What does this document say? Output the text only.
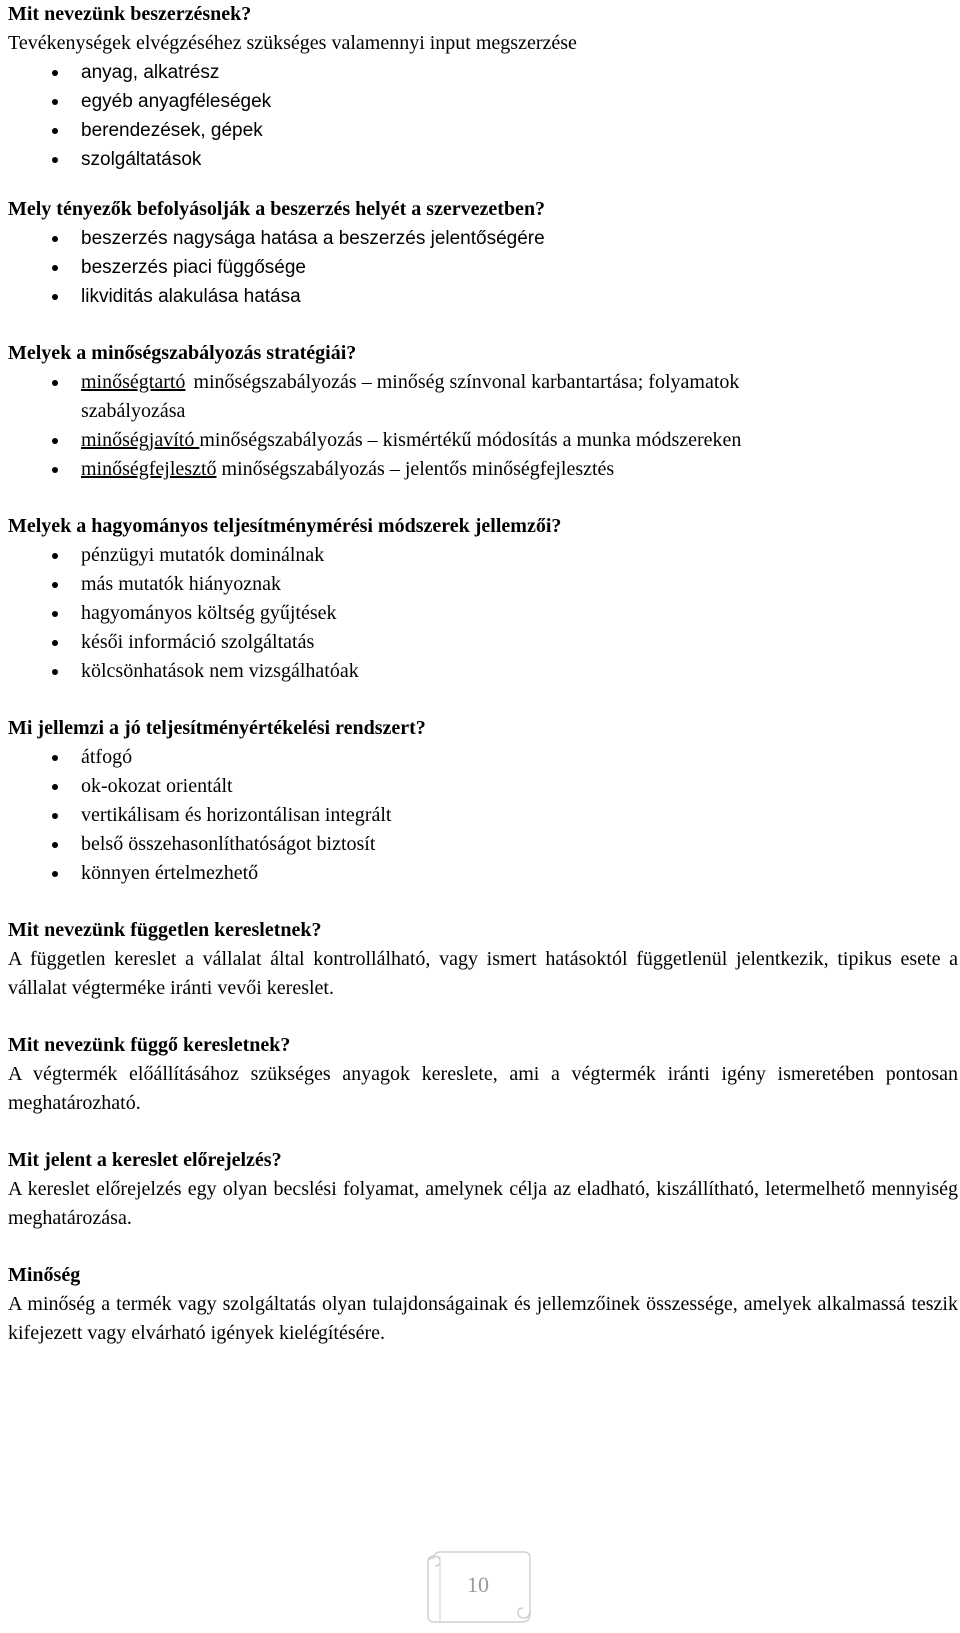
Mit nevezünk beszerzésnek?

Tevékenységek elvégzéséhez szükséges valamennyi input megszerzése

anyag, alkatrész
egyéb anyagféleségek
berendezések, gépek
szolgáltatások

Mely tényezők befolyásolják a beszerzés helyét a szervezetben?

beszerzés nagysága hatása a beszerzés jelentőségére
beszerzés piaci függősége
likviditás alakulása hatása

Melyek a minőségszabályozás stratégiái?

minőségtartó minőségszabályozás – minőség színvonal karbantartása; folyamatok
szabályozása
minőségjavító minőségszabályozás – kismértékű módosítás a munka módszereken
minőségfejlesztő minőségszabályozás – jelentős minőségfejlesztés

Melyek a hagyományos teljesítménymérési módszerek jellemzői?

pénzügyi mutatók dominálnak
más mutatók hiányoznak
hagyományos költség gyűjtések
késői információ szolgáltatás
kölcsönhatások nem vizsgálhatóak

Mi jellemzi a jó teljesítményértékelési rendszert?

átfogó
ok-okozat orientált
vertikálisam és horizontálisan integrált
belső összehasonlíthatóságot biztosít
könnyen értelmezhető

Mit nevezünk független keresletnek?

A független kereslet a vállalat által kontrollálható, vagy ismert hatásoktól függetlenül jelentkezik, tipikus esete a vállalat végterméke iránti vevői kereslet.

Mit nevezünk függő keresletnek?

A végtermék előállításához szükséges anyagok kereslete, ami a végtermék iránti igény ismeretében pontosan meghatározható.

Mit jelent a kereslet előrejelzés?

A kereslet előrejelzés egy olyan becslési folyamat, amelynek célja az eladható, kiszállítható, letermelhető mennyiség meghatározása.

Minőség

A minőség a termék vagy szolgáltatás olyan tulajdonságainak és jellemzőinek összessége, amelyek alkalmassá teszik kifejezett vagy elvárható igények kielégítésére.

10
